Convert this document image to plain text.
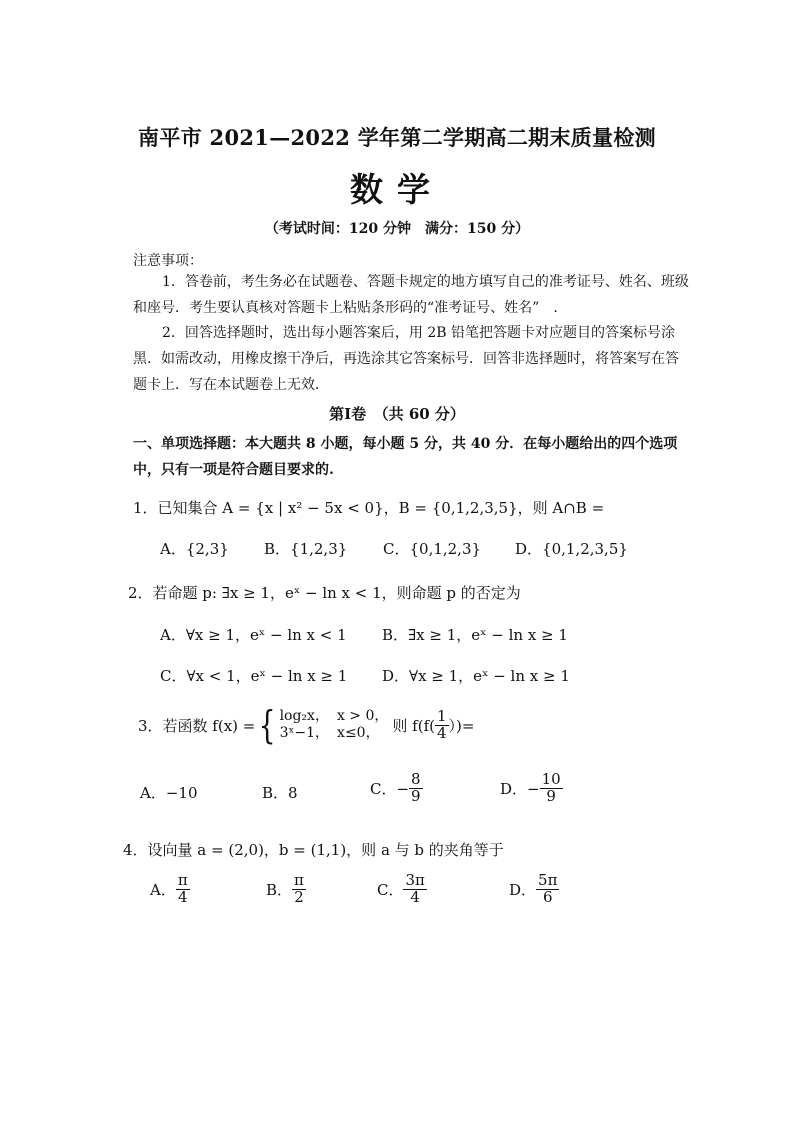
南平市 2021—2022 学年第二学期高二期末质量检测
数学
（考试时间：120 分钟　满分：150 分）
注意事项：
1．答卷前，考生务必在试题卷、答题卡规定的地方填写自己的准考证号、姓名、班级
和座号．考生要认真核对答题卡上粘贴条形码的“准考证号、姓名”　．
2．回答选择题时，选出每小题答案后，用 2B 铅笔把答题卡对应题目的答案标号涂
黑．如需改动，用橡皮擦干净后，再选涂其它答案标号．回答非选择题时，将答案写在答
题卡上．写在本试题卷上无效．
第Ⅰ卷　（共 60 分）
一、单项选择题：本大题共 8 小题，每小题 5 分，共 40 分．在每小题给出的四个选项
中，只有一项是符合题目要求的.
1．已知集合 A = {x | x² − 5x < 0}，B = {0,1,2,3,5}，则 A∩B =
A．{2,3} B．{1,2,3} C．{0,1,2,3} D．{0,1,2,3,5}
2．若命题 p: ∃x ≥ 1，eˣ − ln x < 1，则命题 p 的否定为
A．∀x ≥ 1，eˣ − ln x < 1 B．∃x ≥ 1，eˣ − ln x ≥ 1
C．∀x < 1，eˣ − ln x ≥ 1 D．∀x ≥ 1，eˣ − ln x ≥ 1
3．若函数 f(x) = { log₂x， x > 0，
3ˣ−1， x≤0， 则 $f(f( \frac{1}{4}$ ）)=
A．−10	B．8	C．− $\frac{8}{9}$	D．− $\frac{10}{9}$
4．设向量 a = (2,0)，b = (1,1)，则 a 与 b 的夹角等于
A． $\frac{\pi}{4}$	B． $\frac{\pi}{2}$	C． $\frac{3\pi}{4}$	D． $\frac{5\pi}{6}$
